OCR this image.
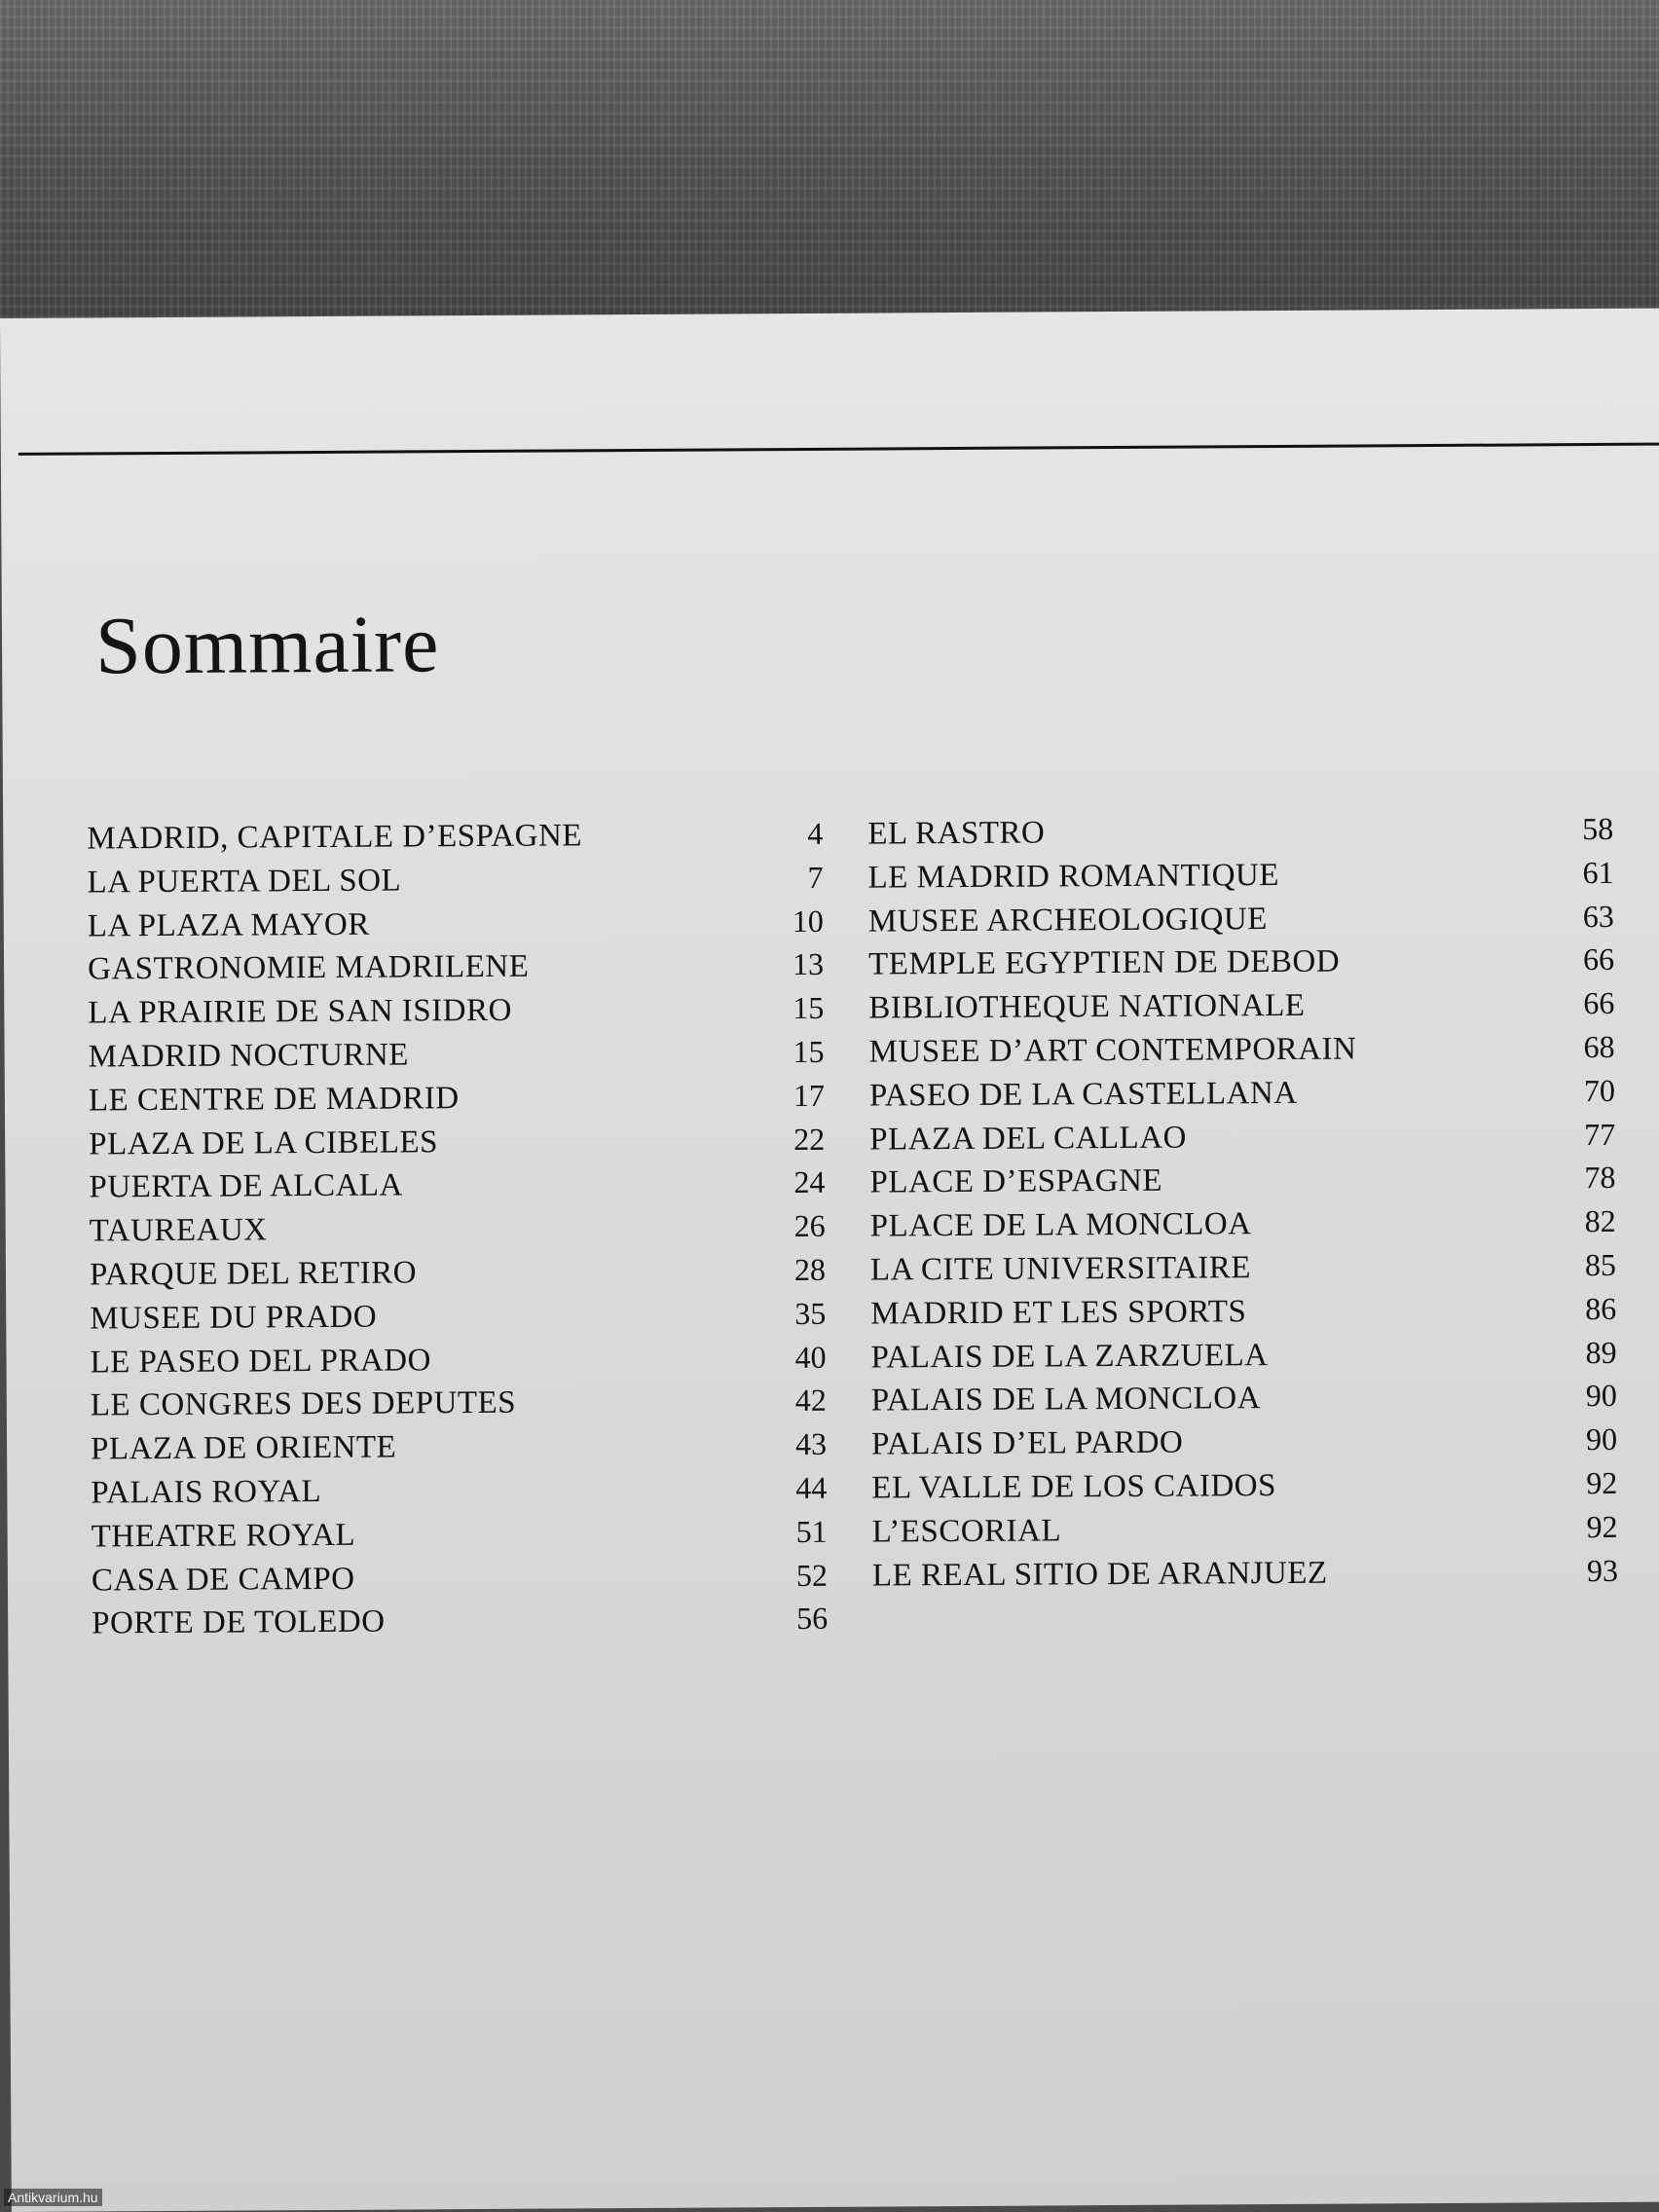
Sommaire
MADRID, CAPITALE D’ESPAGNE	4
LA PUERTA DEL SOL	7
LA PLAZA MAYOR	10
GASTRONOMIE MADRILENE	13
LA PRAIRIE DE SAN ISIDRO	15
MADRID NOCTURNE	15
LE CENTRE DE MADRID	17
PLAZA DE LA CIBELES	22
PUERTA DE ALCALA	24
TAUREAUX	26
PARQUE DEL RETIRO	28
MUSEE DU PRADO	35
LE PASEO DEL PRADO	40
LE CONGRES DES DEPUTES	42
PLAZA DE ORIENTE	43
PALAIS ROYAL	44
THEATRE ROYAL	51
CASA DE CAMPO	52
PORTE DE TOLEDO	56
EL RASTRO	58
LE MADRID ROMANTIQUE	61
MUSEE ARCHEOLOGIQUE	63
TEMPLE EGYPTIEN DE DEBOD	66
BIBLIOTHEQUE NATIONALE	66
MUSEE D’ART CONTEMPORAIN	68
PASEO DE LA CASTELLANA	70
PLAZA DEL CALLAO	77
PLACE D’ESPAGNE	78
PLACE DE LA MONCLOA	82
LA CITE UNIVERSITAIRE	85
MADRID ET LES SPORTS	86
PALAIS DE LA ZARZUELA	89
PALAIS DE LA MONCLOA	90
PALAIS D’EL PARDO	90
EL VALLE DE LOS CAIDOS	92
L’ESCORIAL	92
LE REAL SITIO DE ARANJUEZ	93
Antikvarium.hu
